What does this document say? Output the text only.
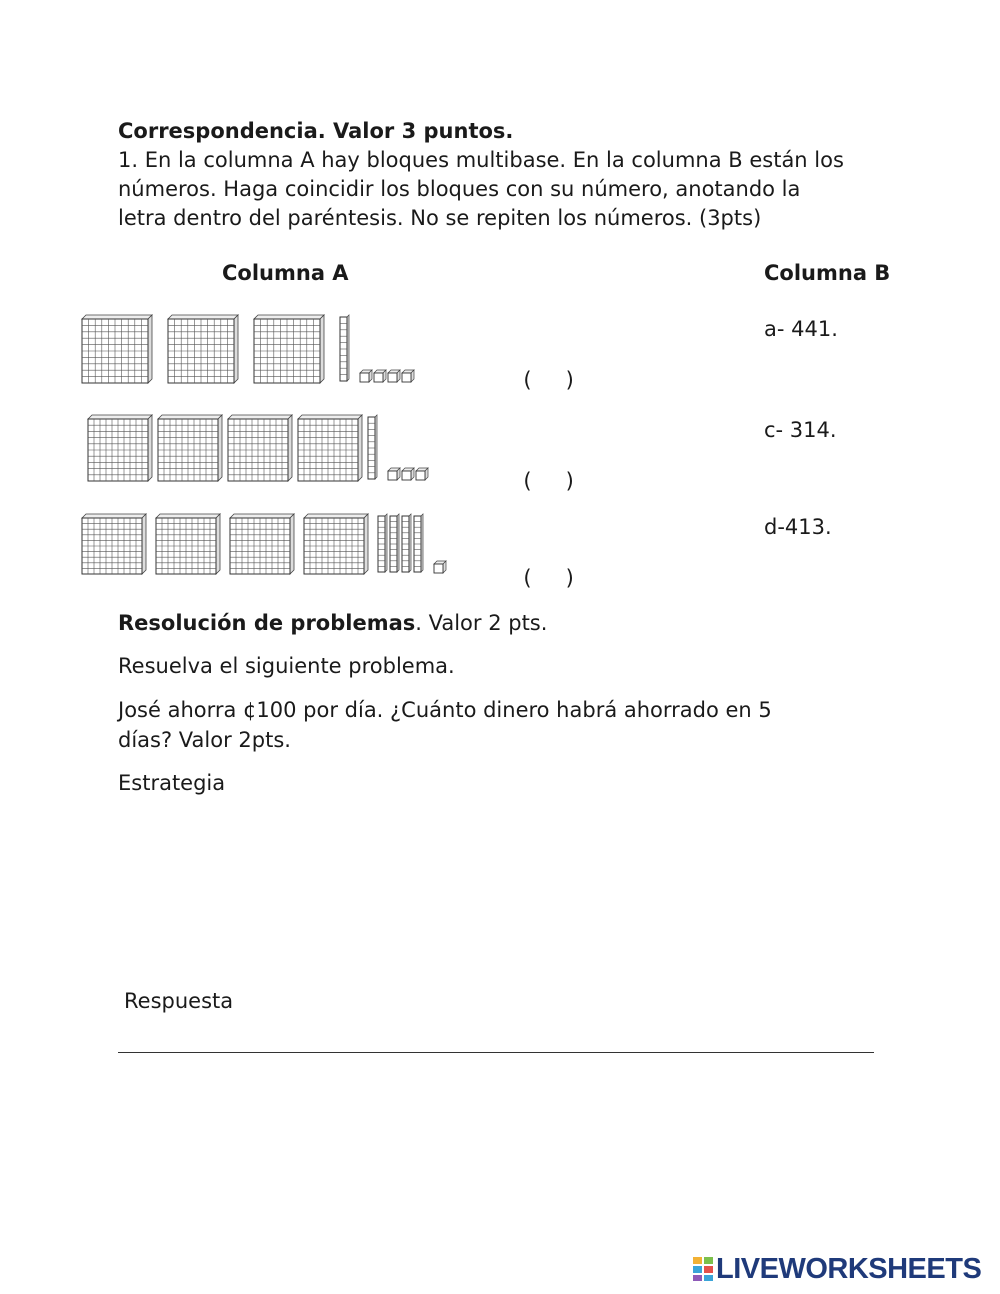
Correspondencia. Valor 3 puntos.
1. En la columna A hay bloques multibase. En la columna B están los
números. Haga coincidir los bloques con su número, anotando la
letra dentro del paréntesis. No se repiten los números. (3pts)
Columna A	Columna B

( )

a- 441.

( )

c- 314.

( )

d-413.
Resolución de problemas. Valor 2 pts.
Resuelva el siguiente problema.
José ahorra ¢100 por día. ¿Cuánto dinero habrá ahorrado en 5
días? Valor 2pts.
Estrategia
Respuesta
LIVEWORKSHEETS
